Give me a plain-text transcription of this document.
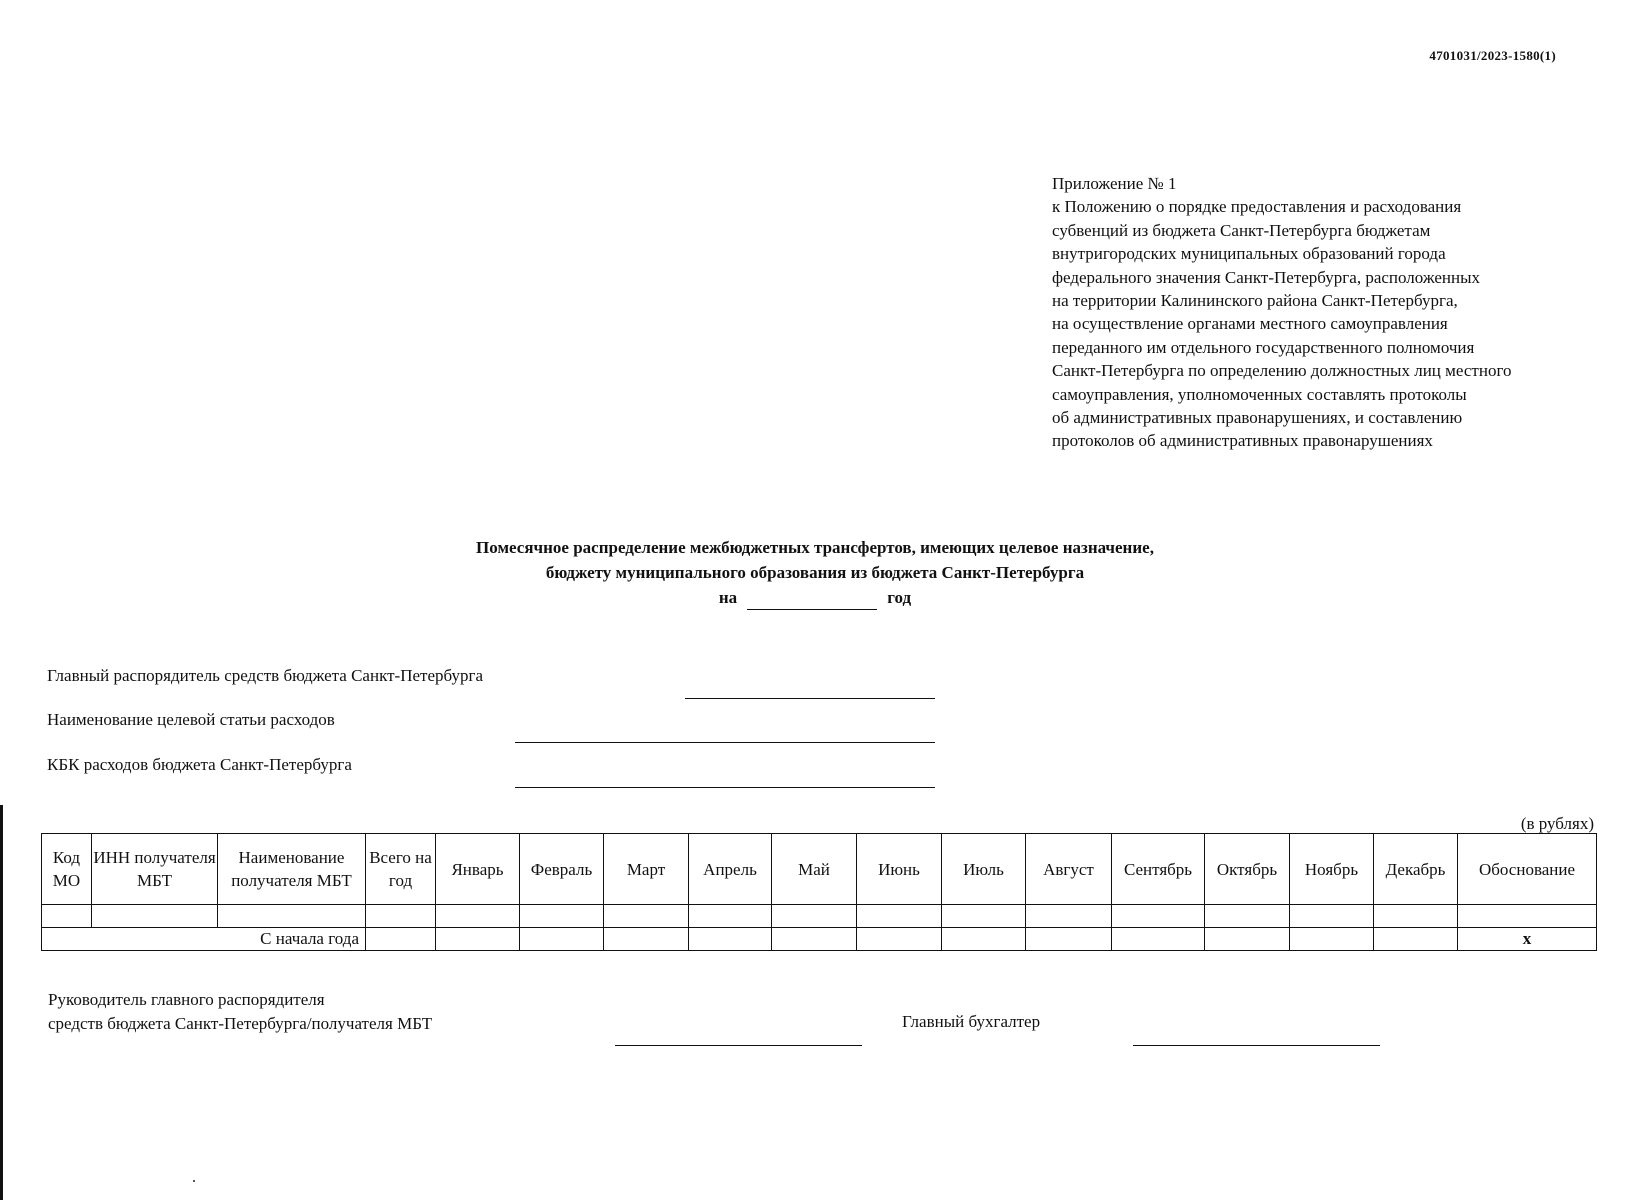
4701031/2023-1580(1)
Приложение № 1
к Положению о порядке предоставления и расходования
субвенций из бюджета Санкт-Петербурга бюджетам
внутригородских муниципальных образований города
федерального значения Санкт-Петербурга, расположенных
на территории Калининского района Санкт-Петербурга,
на осуществление органами местного самоуправления
переданного им отдельного государственного полномочия
Санкт-Петербурга по определению должностных лиц местного
самоуправления, уполномоченных составлять протоколы
об административных правонарушениях, и составлению
протоколов об административных правонарушениях
Помесячное распределение межбюджетных трансфертов, имеющих целевое назначение,
бюджету муниципального образования из бюджета Санкт-Петербурга
на	год
Главный распорядитель средств бюджета Санкт-Петербурга
Наименование целевой статьи расходов
КБК расходов бюджета Санкт-Петербурга
(в рублях)
Код МО	ИНН получателя МБТ	Наименование получателя МБТ	Всего на год	Январь	Февраль	Март	Апрель	Май	Июнь	Июль	Август	Сентябрь	Октябрь	Ноябрь	Декабрь	Обоснование

С начала года																х
Руководитель главного распорядителя
средств бюджета Санкт-Петербурга/получателя МБТ	Главный бухгалтер
